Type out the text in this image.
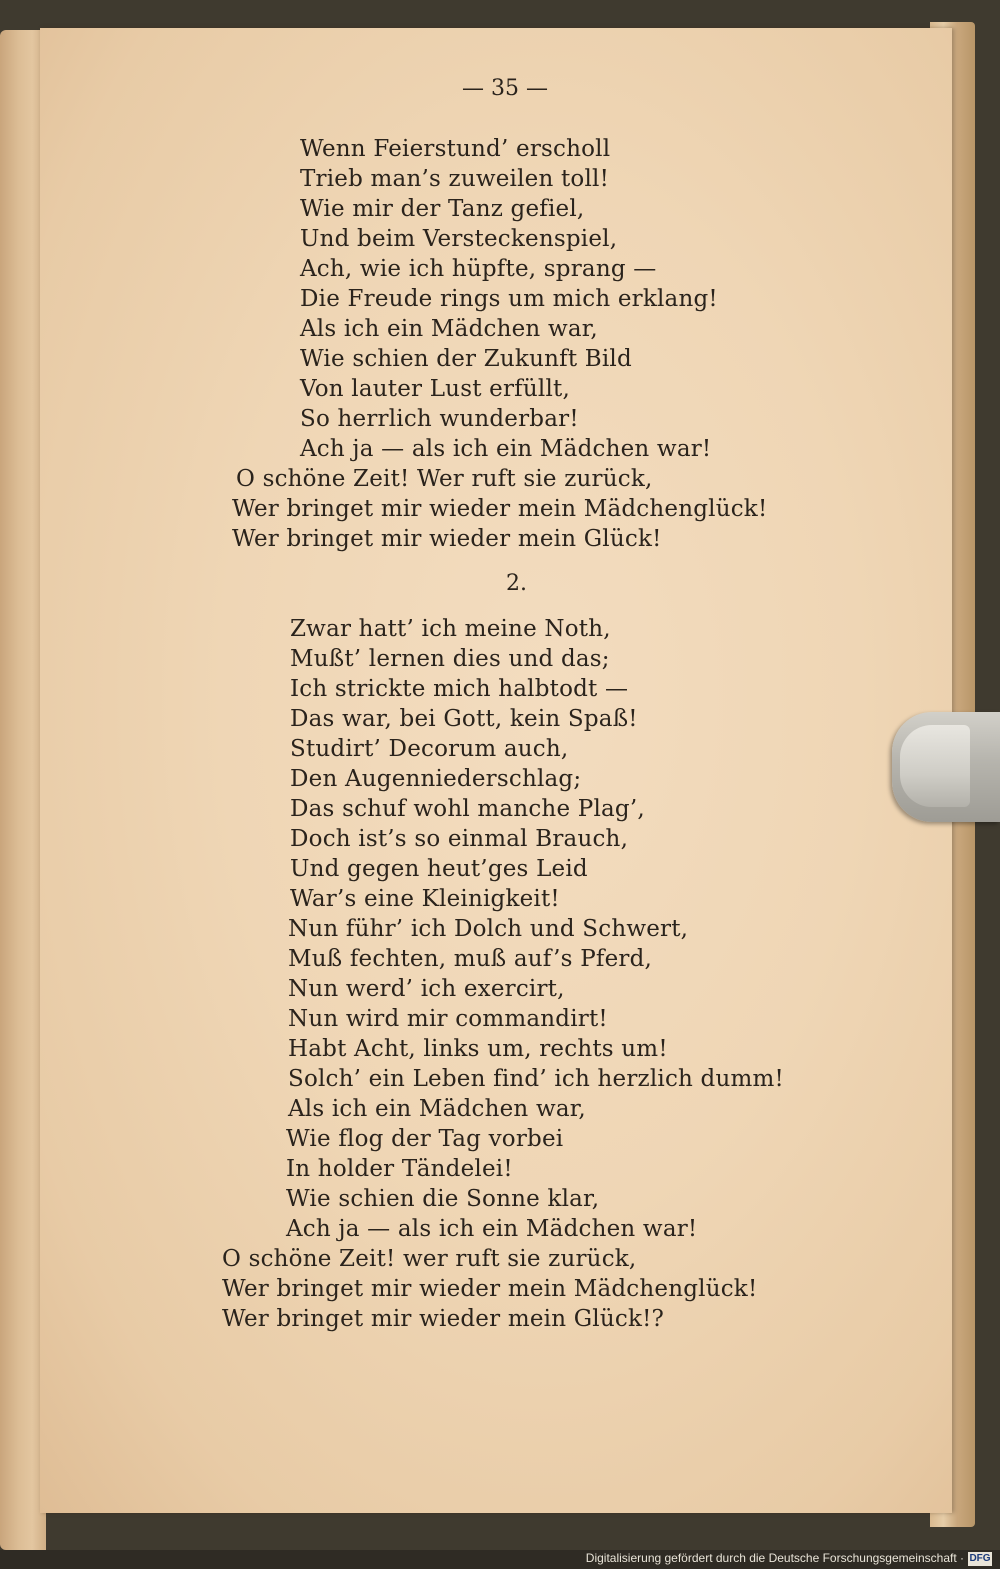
— 35 —
Wenn Feierstund’ erscholl
Trieb man’s zuweilen toll!
Wie mir der Tanz gefiel,
Und beim Versteckenspiel,
Ach, wie ich hüpfte, sprang —
Die Freude rings um mich erklang!
Als ich ein Mädchen war,
Wie schien der Zukunft Bild
Von lauter Lust erfüllt,
So herrlich wunderbar!
Ach ja — als ich ein Mädchen war!
O schöne Zeit! Wer ruft sie zurück,
Wer bringet mir wieder mein Mädchenglück!
Wer bringet mir wieder mein Glück!
2.
Zwar hatt’ ich meine Noth,
Mußt’ lernen dies und das;
Ich strickte mich halbtodt —
Das war, bei Gott, kein Spaß!
Studirt’ Decorum auch,
Den Augenniederschlag;
Das schuf wohl manche Plag’,
Doch ist’s so einmal Brauch,
Und gegen heut’ges Leid
War’s eine Kleinigkeit!
Nun führ’ ich Dolch und Schwert,
Muß fechten, muß auf’s Pferd,
Nun werd’ ich exercirt,
Nun wird mir commandirt!
Habt Acht, links um, rechts um!
Solch’ ein Leben find’ ich herzlich dumm!
Als ich ein Mädchen war,
Wie flog der Tag vorbei
In holder Tändelei!
Wie schien die Sonne klar,
Ach ja — als ich ein Mädchen war!
O schöne Zeit! wer ruft sie zurück,
Wer bringet mir wieder mein Mädchenglück!
Wer bringet mir wieder mein Glück!?
Digitalisierung gefördert durch die Deutsche Forschungsgemeinschaft · DFG
